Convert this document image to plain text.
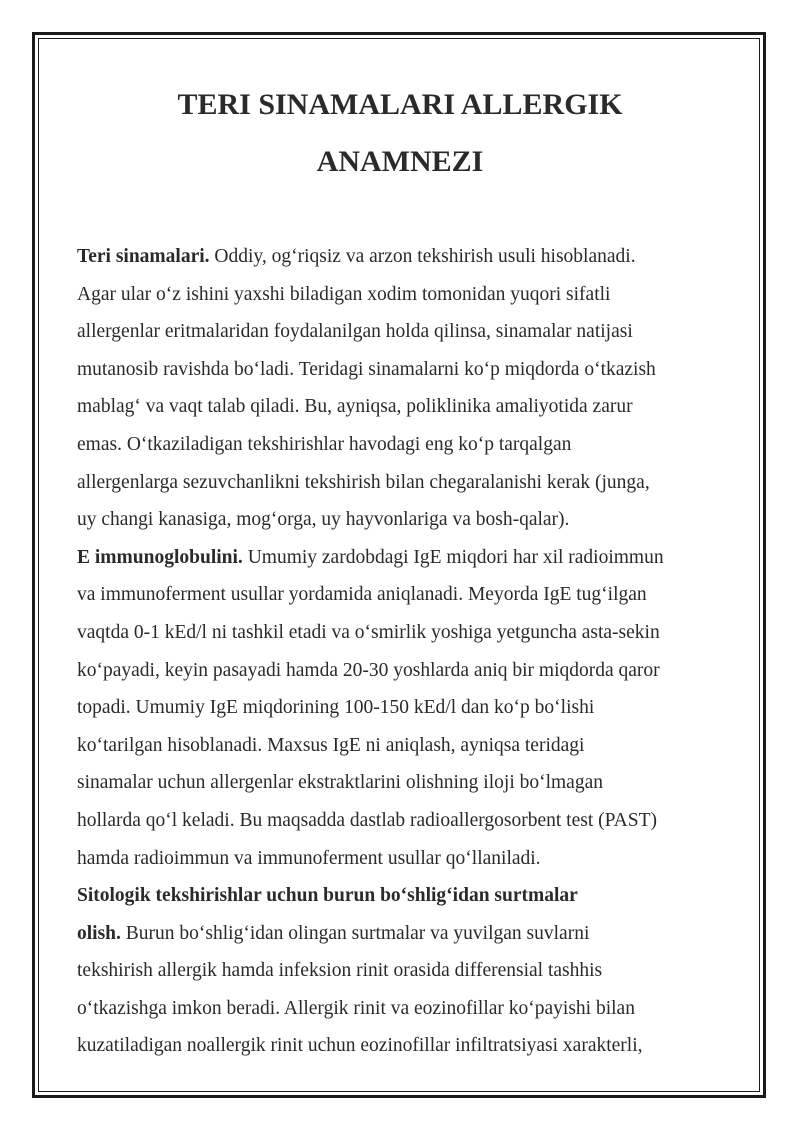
TERI SINAMALARI ALLERGIK
ANAMNEZI

Teri sinamalari. Oddiy, og‘riqsiz va arzon tekshirish usuli hisoblanadi.
Agar ular o‘z ishini yaxshi biladigan xodim tomonidan yuqori sifatli
allergenlar eritmalaridan foydalanilgan holda qilinsa, sinamalar natijasi
mutanosib ravishda bo‘ladi. Teridagi sinamalarni ko‘p miqdorda o‘tkazish
mablag‘ va vaqt talab qiladi. Bu, ayniqsa, poliklinika amaliyotida zarur
emas. O‘tkaziladigan tekshirishlar havodagi eng ko‘p tarqalgan
allergenlarga sezuvchanlikni tekshirish bilan chegaralanishi kerak (junga,
uy changi kanasiga, mog‘orga, uy hayvonlariga va bosh-qalar).

E immunoglobulini. Umumiy zardobdagi IgE miqdori har xil radioimmun
va immunoferment usullar yordamida aniqlanadi. Meyorda IgE tug‘ilgan
vaqtda 0-1 kEd/l ni tashkil etadi va o‘smirlik yoshiga yetguncha asta-sekin
ko‘payadi, keyin pasayadi hamda 20-30 yoshlarda aniq bir miqdorda qaror
topadi. Umumiy IgE miqdorining 100-150 kEd/l dan ko‘p bo‘lishi
ko‘tarilgan hisoblanadi. Maxsus IgE ni aniqlash, ayniqsa teridagi
sinamalar uchun allergenlar ekstraktlarini olishning iloji bo‘lmagan
hollarda qo‘l keladi. Bu maqsadda dastlab radioallergosorbent test (PAST)
hamda radioimmun va immunoferment usullar qo‘llaniladi.

Sitologik tekshirishlar uchun burun bo‘shlig‘idan surtmalar
olish. Burun bo‘shlig‘idan olingan surtmalar va yuvilgan suvlarni
tekshirish allergik hamda infeksion rinit orasida differensial tashhis
o‘tkazishga imkon beradi. Allergik rinit va eozinofillar ko‘payishi bilan
kuzatiladigan noallergik rinit uchun eozinofillar infiltratsiyasi xarakterli,
